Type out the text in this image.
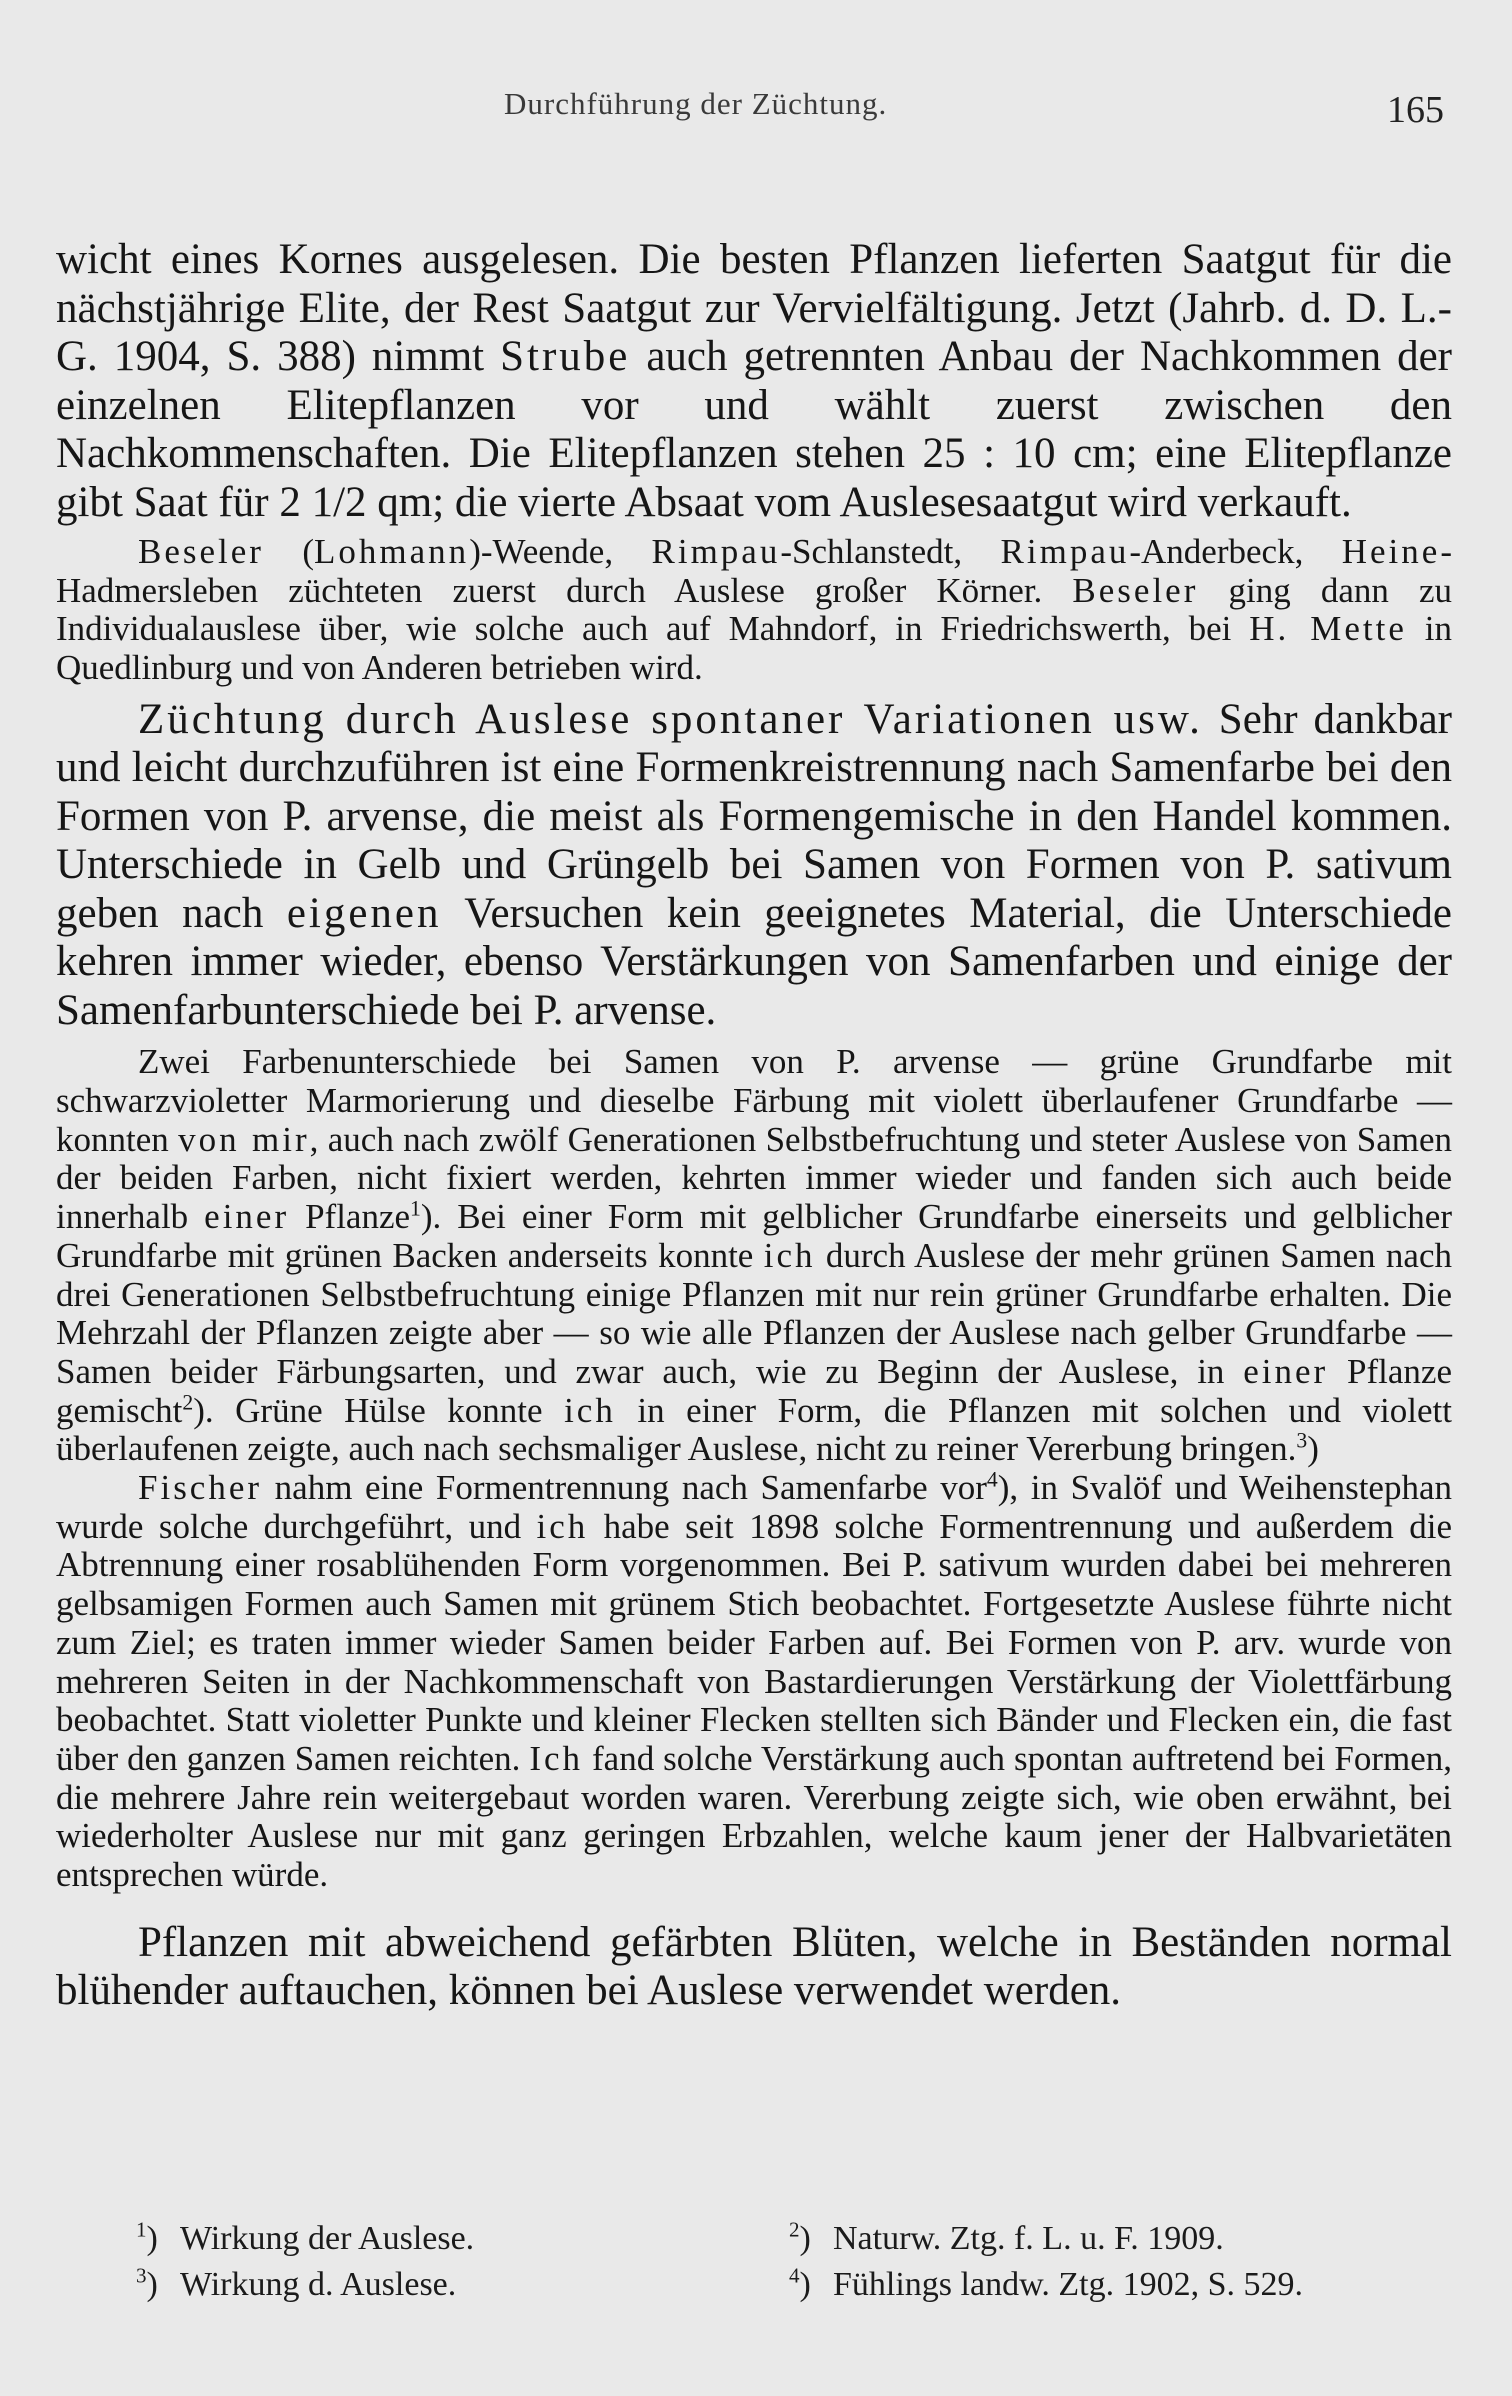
Durchführung der Züchtung.	165

wicht eines Kornes ausgelesen. Die besten Pflanzen lieferten Saatgut für die nächstjährige Elite, der Rest Saatgut zur Vervielfältigung. Jetzt (Jahrb. d. D. L.-G. 1904, S. 388) nimmt Strube auch getrennten Anbau der Nachkommen der einzelnen Elitepflanzen vor und wählt zuerst zwischen den Nachkommenschaften. Die Elitepflanzen stehen 25 : 10 cm; eine Elitepflanze gibt Saat für 2 1/2 qm; die vierte Absaat vom Auslesesaatgut wird verkauft.

Beseler (Lohmann)-Weende, Rimpau-Schlanstedt, Rimpau-Anderbeck, Heine-Hadmersleben züchteten zuerst durch Auslese großer Körner. Beseler ging dann zu Individualauslese über, wie solche auch auf Mahndorf, in Friedrichswerth, bei H. Mette in Quedlinburg und von Anderen betrieben wird.

Züchtung durch Auslese spontaner Variationen usw. Sehr dankbar und leicht durchzuführen ist eine Formenkreistrennung nach Samenfarbe bei den Formen von P. arvense, die meist als Formengemische in den Handel kommen. Unterschiede in Gelb und Grüngelb bei Samen von Formen von P. sativum geben nach eigenen Versuchen kein geeignetes Material, die Unterschiede kehren immer wieder, ebenso Verstärkungen von Samenfarben und einige der Samenfarbunterschiede bei P. arvense.

Zwei Farbenunterschiede bei Samen von P. arvense — grüne Grundfarbe mit schwarzvioletter Marmorierung und dieselbe Färbung mit violett überlaufener Grundfarbe — konnten von mir, auch nach zwölf Generationen Selbstbefruchtung und steter Auslese von Samen der beiden Farben, nicht fixiert werden, kehrten immer wieder und fanden sich auch beide innerhalb einer Pflanze$^1$). Bei einer Form mit gelblicher Grundfarbe einerseits und gelblicher Grundfarbe mit grünen Backen anderseits konnte ich durch Auslese der mehr grünen Samen nach drei Generationen Selbstbefruchtung einige Pflanzen mit nur rein grüner Grundfarbe erhalten. Die Mehrzahl der Pflanzen zeigte aber — so wie alle Pflanzen der Auslese nach gelber Grundfarbe — Samen beider Färbungsarten, und zwar auch, wie zu Beginn der Auslese, in einer Pflanze gemischt$^2$). Grüne Hülse konnte ich in einer Form, die Pflanzen mit solchen und violett überlaufenen zeigte, auch nach sechsmaliger Auslese, nicht zu reiner Vererbung bringen.$^3$)

Fischer nahm eine Formentrennung nach Samenfarbe vor$^4$), in Svalöf und Weihenstephan wurde solche durchgeführt, und ich habe seit 1898 solche Formentrennung und außerdem die Abtrennung einer rosablühenden Form vorgenommen. Bei P. sativum wurden dabei bei mehreren gelbsamigen Formen auch Samen mit grünem Stich beobachtet. Fortgesetzte Auslese führte nicht zum Ziel; es traten immer wieder Samen beider Farben auf. Bei Formen von P. arv. wurde von mehreren Seiten in der Nachkommenschaft von Bastardierungen Verstärkung der Violettfärbung beobachtet. Statt violetter Punkte und kleiner Flecken stellten sich Bänder und Flecken ein, die fast über den ganzen Samen reichten. Ich fand solche Verstärkung auch spontan auftretend bei Formen, die mehrere Jahre rein weitergebaut worden waren. Vererbung zeigte sich, wie oben erwähnt, bei wiederholter Auslese nur mit ganz geringen Erbzahlen, welche kaum jener der Halbvarietäten entsprechen würde.

Pflanzen mit abweichend gefärbten Blüten, welche in Beständen normal blühender auftauchen, können bei Auslese verwendet werden.

$^1$) Wirkung der Auslese.	$^2$) Naturw. Ztg. f. L. u. F. 1909.
$^3$) Wirkung d. Auslese.	$^4$) Fühlings landw. Ztg. 1902, S. 529.
